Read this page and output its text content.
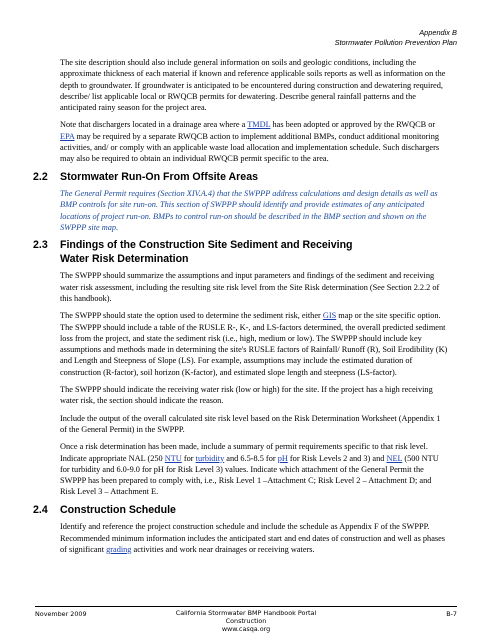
Appendix B
Stormwater Pollution Prevention Plan

The site description should also include general information on soils and geologic conditions, including the approximate thickness of each material if known and reference applicable soils reports as well as information on the depth to groundwater. If groundwater is anticipated to be encountered during construction and dewatering required, describe/ list applicable local or RWQCB permits for dewatering. Describe general rainfall patterns and the anticipated rainy season for the project area.

Note that dischargers located in a drainage area where a TMDL has been adopted or approved by the RWQCB or EPA may be required by a separate RWQCB action to implement additional BMPs, conduct additional monitoring activities, and/ or comply with an applicable waste load allocation and implementation schedule. Such dischargers may also be required to obtain an individual RWQCB permit specific to the area.

2.2 Stormwater Run-On From Offsite Areas

The General Permit requires (Section XIV.A.4) that the SWPPP address calculations and design details as well as BMP controls for site run-on. This section of SWPPP should identify and provide estimates of any anticipated locations of project run-on. BMPs to control run-on should be described in the BMP section and shown on the SWPPP site map.

2.3 Findings of the Construction Site Sediment and Receiving
Water Risk Determination

The SWPPP should summarize the assumptions and input parameters and findings of the sediment and receiving water risk assessment, including the resulting site risk level from the Site Risk determination (See Section 2.2.2 of this handbook).

The SWPPP should state the option used to determine the sediment risk, either GIS map or the site specific option. The SWPPP should include a table of the RUSLE R-, K-, and LS-factors determined, the overall predicted sediment loss from the project, and state the sediment risk (i.e., high, medium or low). The SWPPP should include key assumptions and methods made in determining the site's RUSLE factors of Rainfall/ Runoff (R), Soil Erodibility (K) and Length and Steepness of Slope (LS). For example, assumptions may include the estimated duration of construction (R-factor), soil horizon (K-factor), and estimated slope length and steepness (LS-factor).

The SWPPP should indicate the receiving water risk (low or high) for the site. If the project has a high receiving water risk, the section should indicate the reason.

Include the output of the overall calculated site risk level based on the Risk Determination Worksheet (Appendix 1 of the General Permit) in the SWPPP.

Once a risk determination has been made, include a summary of permit requirements specific to that risk level. Indicate appropriate NAL (250 NTU for turbidity and 6.5-8.5 for pH for Risk Levels 2 and 3) and NEL (500 NTU for turbidity and 6.0-9.0 for pH for Risk Level 3) values. Indicate which attachment of the General Permit the SWPPP has been prepared to comply with, i.e., Risk Level 1 –Attachment C; Risk Level 2 – Attachment D; and Risk Level 3 – Attachment E.

2.4 Construction Schedule

Identify and reference the project construction schedule and include the schedule as Appendix F of the SWPPP. Recommended minimum information includes the anticipated start and end dates of construction and well as phases of significant grading activities and work near drainages or receiving waters.

November 2009	California Stormwater BMP Handbook Portal
Construction
www.casqa.org
B-7
